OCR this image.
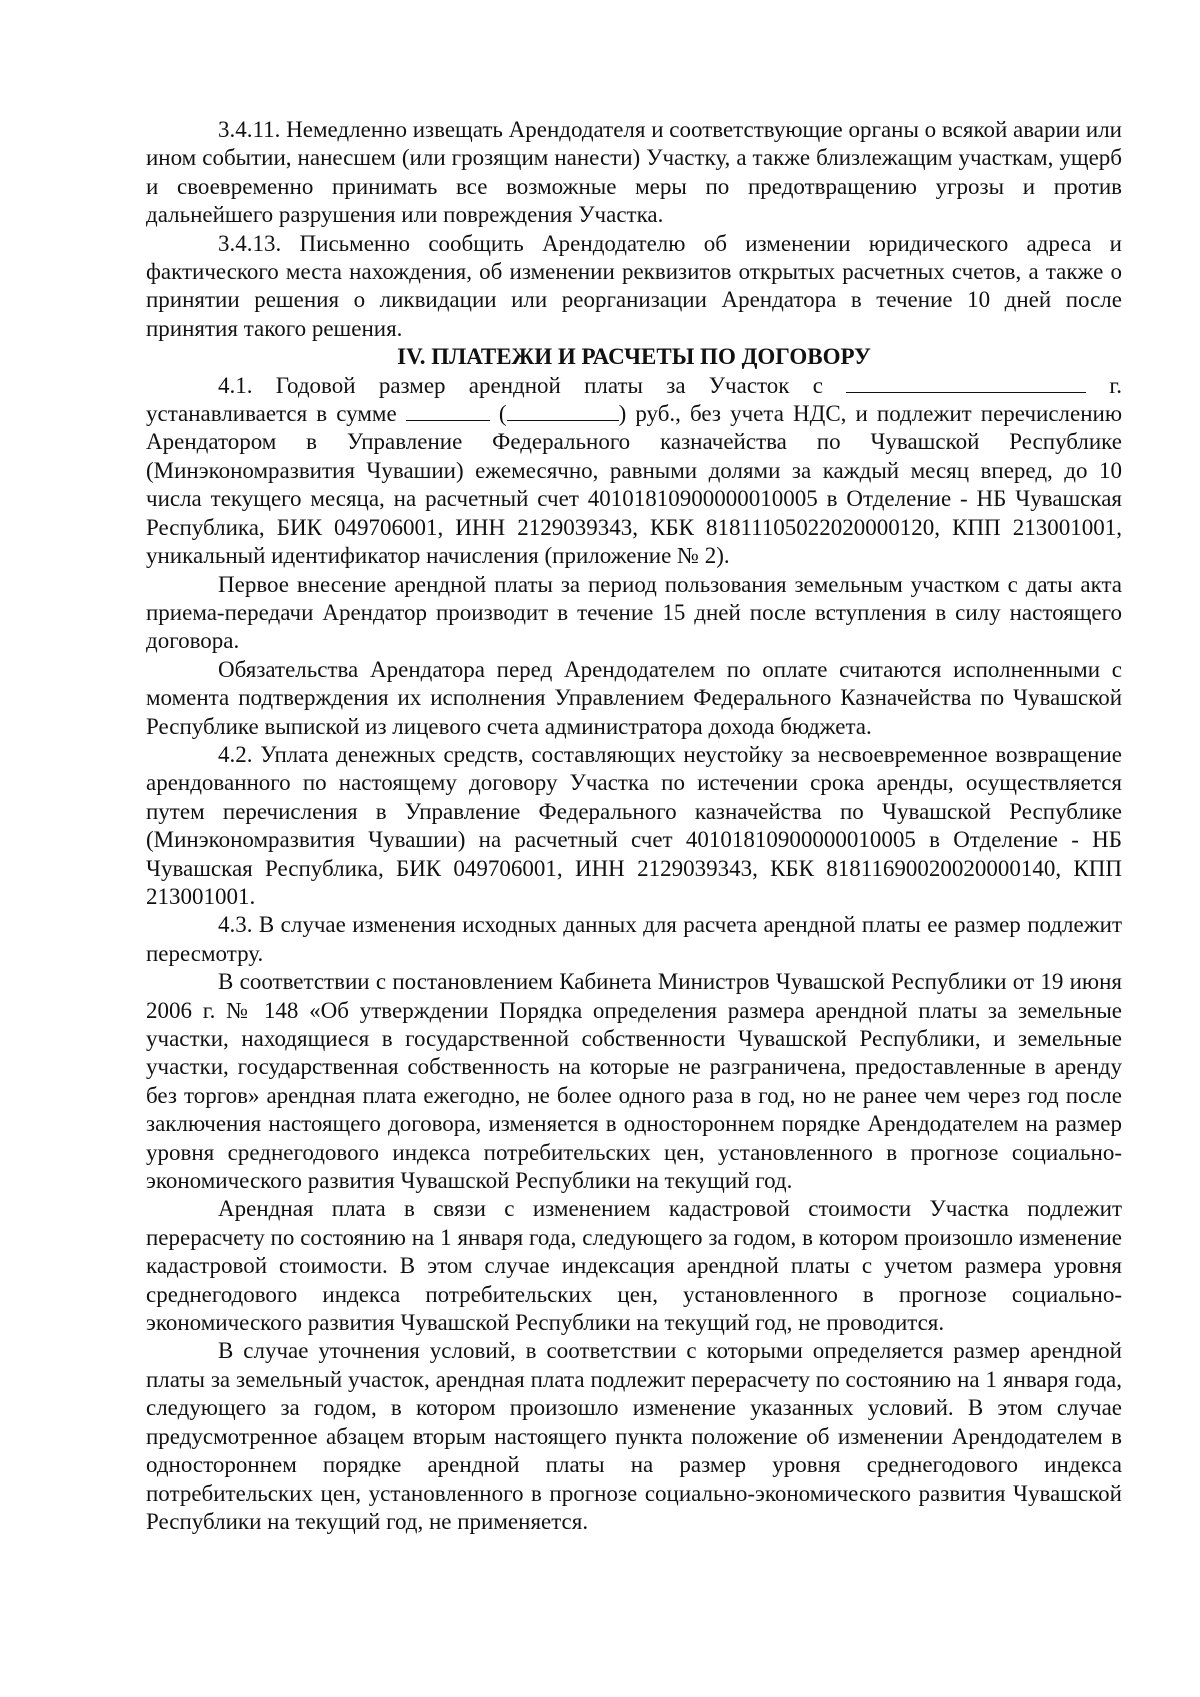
3.4.11. Немедленно извещать Арендодателя и соответствующие органы о всякой аварии или ином событии, нанесшем (или грозящим нанести) Участку, а также близлежащим участкам, ущерб и своевременно принимать все возможные меры по предотвращению угрозы и против дальнейшего разрушения или повреждения Участка.

3.4.13. Письменно сообщить Арендодателю об изменении юридического адреса и фактического места нахождения, об изменении реквизитов открытых расчетных счетов, а также о принятии решения о ликвидации или реорганизации Арендатора в течение 10 дней после принятия такого решения.

IV. ПЛАТЕЖИ И РАСЧЕТЫ ПО ДОГОВОРУ

4.1. Годовой размер арендной платы за Участок с	г. устанавливается в сумме	(	) руб., без учета НДС, и подлежит перечислению Арендатором в Управление Федерального казначейства по Чувашской Республике (Минэкономразвития Чувашии) ежемесячно, равными долями за каждый месяц вперед, до 10 числа текущего месяца, на расчетный счет 40101810900000010005 в Отделение - НБ Чувашская Республика, БИК 049706001, ИНН 2129039343, КБК 81811105022020000120, КПП 213001001, уникальный идентификатор начисления (приложение № 2).

Первое внесение арендной платы за период пользования земельным участком с даты акта приема-передачи Арендатор производит в течение 15 дней после вступления в силу настоящего договора.

Обязательства Арендатора перед Арендодателем по оплате считаются исполненными с момента подтверждения их исполнения Управлением Федерального Казначейства по Чувашской Республике выпиской из лицевого счета администратора дохода бюджета.

4.2. Уплата денежных средств, составляющих неустойку за несвоевременное возвращение арендованного по настоящему договору Участка по истечении срока аренды, осуществляется путем перечисления в Управление Федерального казначейства по Чувашской Республике (Минэкономразвития Чувашии) на расчетный счет 40101810900000010005 в Отделение - НБ Чувашская Республика, БИК 049706001, ИНН 2129039343, КБК 81811690020020000140, КПП 213001001.

4.3. В случае изменения исходных данных для расчета арендной платы ее размер подлежит пересмотру.

В соответствии с постановлением Кабинета Министров Чувашской Республики от 19 июня 2006 г. № 148 «Об утверждении Порядка определения размера арендной платы за земельные участки, находящиеся в государственной собственности Чувашской Республики, и земельные участки, государственная собственность на которые не разграничена, предоставленные в аренду без торгов» арендная плата ежегодно, не более одного раза в год, но не ранее чем через год после заключения настоящего договора, изменяется в одностороннем порядке Арендодателем на размер уровня среднегодового индекса потребительских цен, установленного в прогнозе социально-экономического развития Чувашской Республики на текущий год.

Арендная плата в связи с изменением кадастровой стоимости Участка подлежит перерасчету по состоянию на 1 января года, следующего за годом, в котором произошло изменение кадастровой стоимости. В этом случае индексация арендной платы с учетом размера уровня среднегодового индекса потребительских цен, установленного в прогнозе социально-экономического развития Чувашской Республики на текущий год, не проводится.

В случае уточнения условий, в соответствии с которыми определяется размер арендной платы за земельный участок, арендная плата подлежит перерасчету по состоянию на 1 января года, следующего за годом, в котором произошло изменение указанных условий. В этом случае предусмотренное абзацем вторым настоящего пункта положение об изменении Арендодателем в одностороннем порядке арендной платы на размер уровня среднегодового индекса потребительских цен, установленного в прогнозе социально-экономического развития Чувашской Республики на текущий год, не применяется.
